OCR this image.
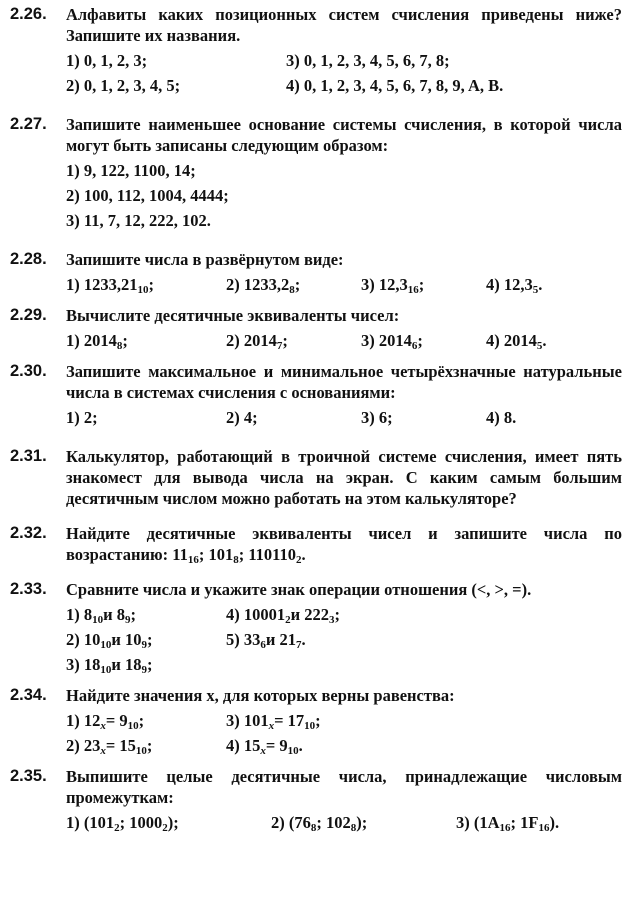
2.26.	Алфавиты каких позиционных систем счисления приведены ниже? Запишите их названия.
1) 0, 1, 2, 3;	3) 0, 1, 2, 3, 4, 5, 6, 7, 8;
2) 0, 1, 2, 3, 4, 5;	4) 0, 1, 2, 3, 4, 5, 6, 7, 8, 9, A, B.
2.27.	Запишите наименьшее основание системы счисления, в которой числа могут быть записаны следующим образом:
1) 9, 122, 1100, 14;
2) 100, 112, 1004, 4444;
3) 11, 7, 12, 222, 102.
2.28.	Запишите числа в развёрнутом виде:
1) $1233,21_{10}$;	2) $1233,2_8$;	3) $12,3_{16}$;	4) $12,3_5$.
2.29.	Вычислите десятичные эквиваленты чисел:
1) $2014_8$;	2) $2014_7$;	3) $2014_6$;	4) $2014_5$.
2.30.	Запишите максимальное и минимальное четырёхзначные натуральные числа в системах счисления с основаниями:
1) 2;	2) 4;	3) 6;	4) 8.
2.31.	Калькулятор, работающий в троичной системе счисления, имеет пять знакомест для вывода числа на экран. С каким самым большим десятичным числом можно работать на этом калькуляторе?
2.32.	Найдите десятичные эквиваленты чисел и запишите числа по возрастанию: $11_{16}$; $101_8$; $110110_2$.
2.33.	Сравните числа и укажите знак операции отношения (<, >, =).
1) $8_{10}и$ $8_9$;	4) $10001_2и$ $222_3$;
2) $10_{10}и$ $10_9$;	5) $33_6и$ $21_7$.
3) $18_{10}и$ $18_9$;
2.34.	Найдите значения x, для которых верны равенства:
1) $12_x= 9_{10}$;	3) $101_x= 17_{10}$;
2) $23_x= 15_{10}$;	4) $15_x= 9_{10}$.
2.35.	Выпишите целые десятичные числа, принадлежащие числовым промежуткам:
1) ($101_2$; $1000_2$);	2) ($76_8$; $102_8$);	3) ($1A_{16}$; $1F_{16}$).
